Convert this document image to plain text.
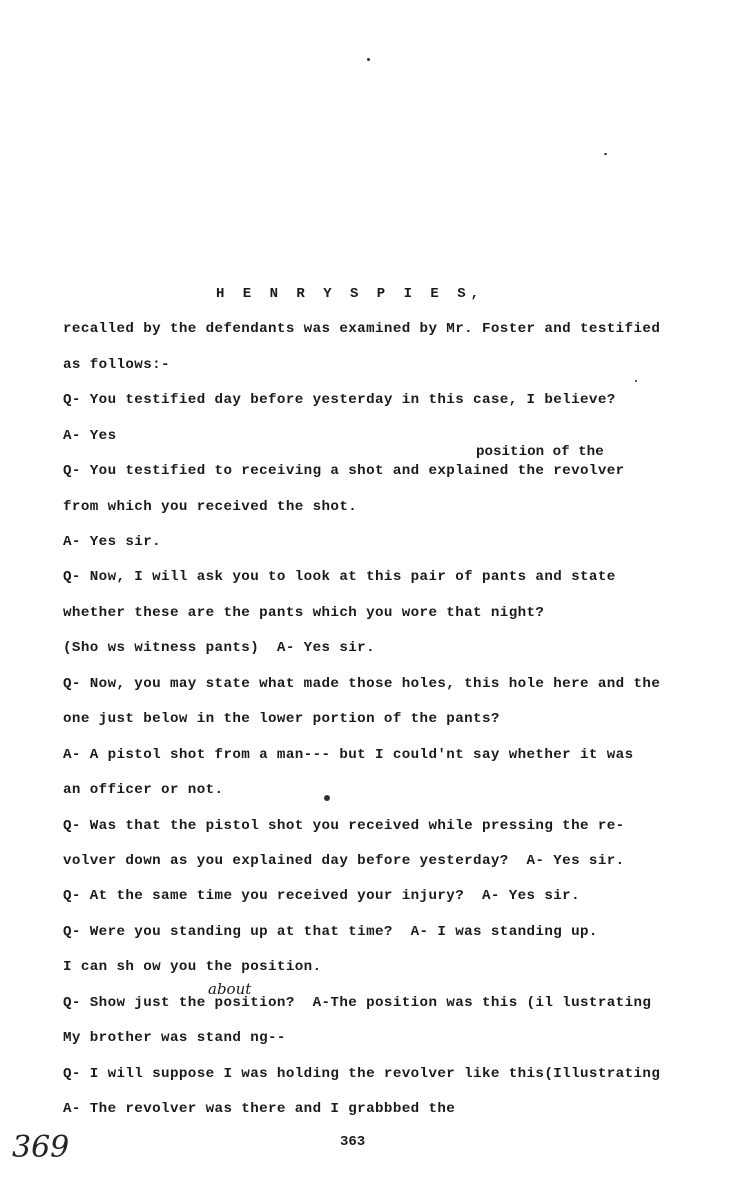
H E N R Y S P I E S,
position of the
recalled by the defendants was examined by Mr. Foster and testified
as follows:-
Q- You testified day before yesterday in this case, I believe?
A- Yes
Q- You testified to receiving a shot and explained the revolver
from which you received the shot.
A- Yes sir.
Q- Now, I will ask you to look at this pair of pants and state
whether these are the pants which you wore that night?
(Sho ws witness pants)  A- Yes sir.
Q- Now, you may state what made those holes, this hole here and the
one just below in the lower portion of the pants?
A- A pistol shot from a man--- but I could'nt say whether it was
an officer or not.
Q- Was that the pistol shot you received while pressing the re-
volver down as you explained day before yesterday?  A- Yes sir.
Q- At the same time you received your injury?  A- Yes sir.
Q- Were you standing up at that time?  A- I was standing up.
I can sh ow you the position.
Q- Show just the position?  A-The position was this (il lustrating
My brother was stand ng--
Q- I will suppose I was holding the revolver like this(Illustrating
A- The revolver was there and I grabbbed the
about
369	363
